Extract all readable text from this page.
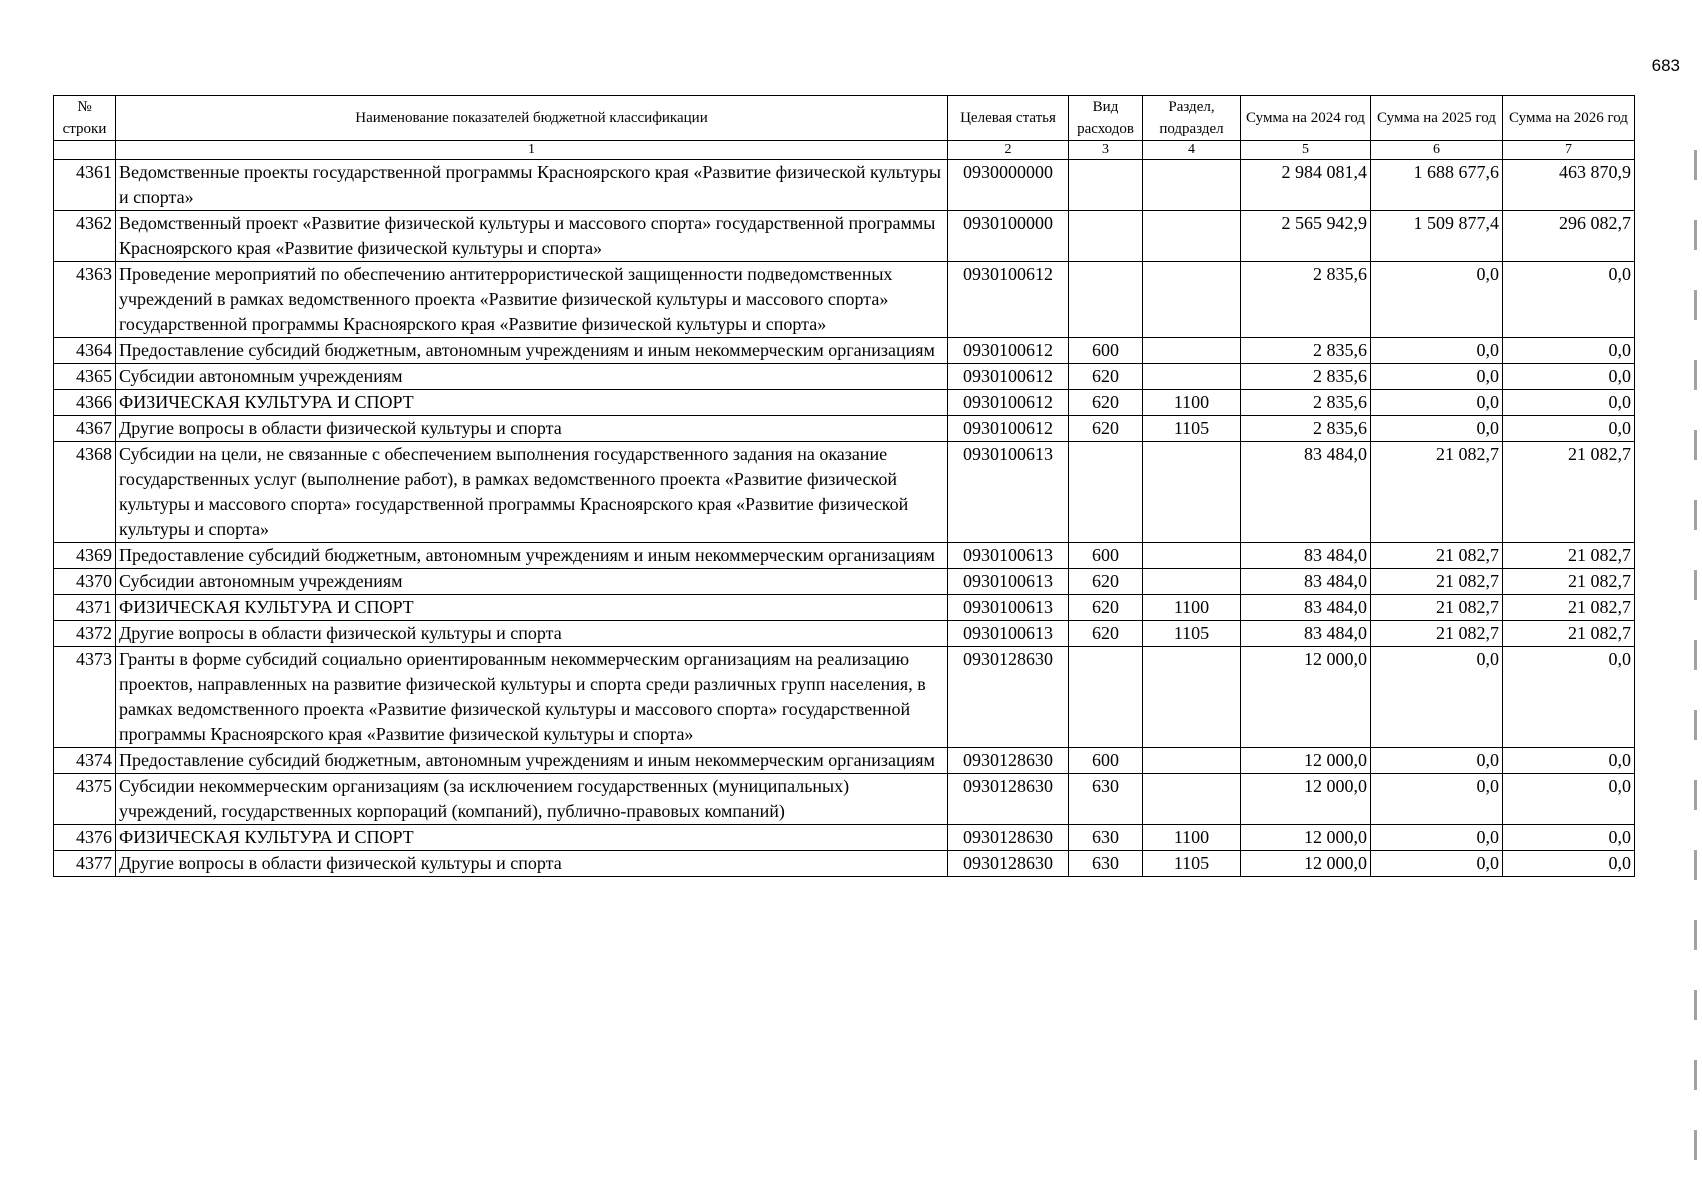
683
№ строки	Наименование показателей бюджетной классификации	Целевая статья	Вид расходов	Раздел, подраздел	Сумма на 2024 год	Сумма на 2025 год	Сумма на 2026 год
	1	2	3	4	5	6	7
4361	Ведомственные проекты государственной программы Красноярского края «Развитие физической культуры и спорта»	0930000000			2 984 081,4	1 688 677,6	463 870,9
4362	Ведомственный проект «Развитие физической культуры и массового спорта» государственной программы Красноярского края «Развитие физической культуры и спорта»	0930100000			2 565 942,9	1 509 877,4	296 082,7
4363	Проведение мероприятий по обеспечению антитеррористической защищенности подведомственных учреждений в рамках ведомственного проекта «Развитие физической культуры и массового спорта» государственной программы Красноярского края «Развитие физической культуры и спорта»	0930100612			2 835,6	0,0	0,0
4364	Предоставление субсидий бюджетным, автономным учреждениям и иным некоммерческим организациям	0930100612	600		2 835,6	0,0	0,0
4365	Субсидии автономным учреждениям	0930100612	620		2 835,6	0,0	0,0
4366	ФИЗИЧЕСКАЯ КУЛЬТУРА И СПОРТ	0930100612	620	1100	2 835,6	0,0	0,0
4367	Другие вопросы в области физической культуры и спорта	0930100612	620	1105	2 835,6	0,0	0,0
4368	Субсидии на цели, не связанные с обеспечением выполнения государственного задания на оказание государственных услуг (выполнение работ), в рамках ведомственного проекта «Развитие физической культуры и массового спорта» государственной программы Красноярского края «Развитие физической культуры и спорта»	0930100613			83 484,0	21 082,7	21 082,7
4369	Предоставление субсидий бюджетным, автономным учреждениям и иным некоммерческим организациям	0930100613	600		83 484,0	21 082,7	21 082,7
4370	Субсидии автономным учреждениям	0930100613	620		83 484,0	21 082,7	21 082,7
4371	ФИЗИЧЕСКАЯ КУЛЬТУРА И СПОРТ	0930100613	620	1100	83 484,0	21 082,7	21 082,7
4372	Другие вопросы в области физической культуры и спорта	0930100613	620	1105	83 484,0	21 082,7	21 082,7
4373	Гранты в форме субсидий социально ориентированным некоммерческим организациям на реализацию проектов, направленных на развитие физической культуры и спорта среди различных групп населения, в рамках ведомственного проекта «Развитие физической культуры и массового спорта» государственной программы Красноярского края «Развитие физической культуры и спорта»	0930128630			12 000,0	0,0	0,0
4374	Предоставление субсидий бюджетным, автономным учреждениям и иным некоммерческим организациям	0930128630	600		12 000,0	0,0	0,0
4375	Субсидии некоммерческим организациям (за исключением государственных (муниципальных) учреждений, государственных корпораций (компаний), публично-правовых компаний)	0930128630	630		12 000,0	0,0	0,0
4376	ФИЗИЧЕСКАЯ КУЛЬТУРА И СПОРТ	0930128630	630	1100	12 000,0	0,0	0,0
4377	Другие вопросы в области физической культуры и спорта	0930128630	630	1105	12 000,0	0,0	0,0
